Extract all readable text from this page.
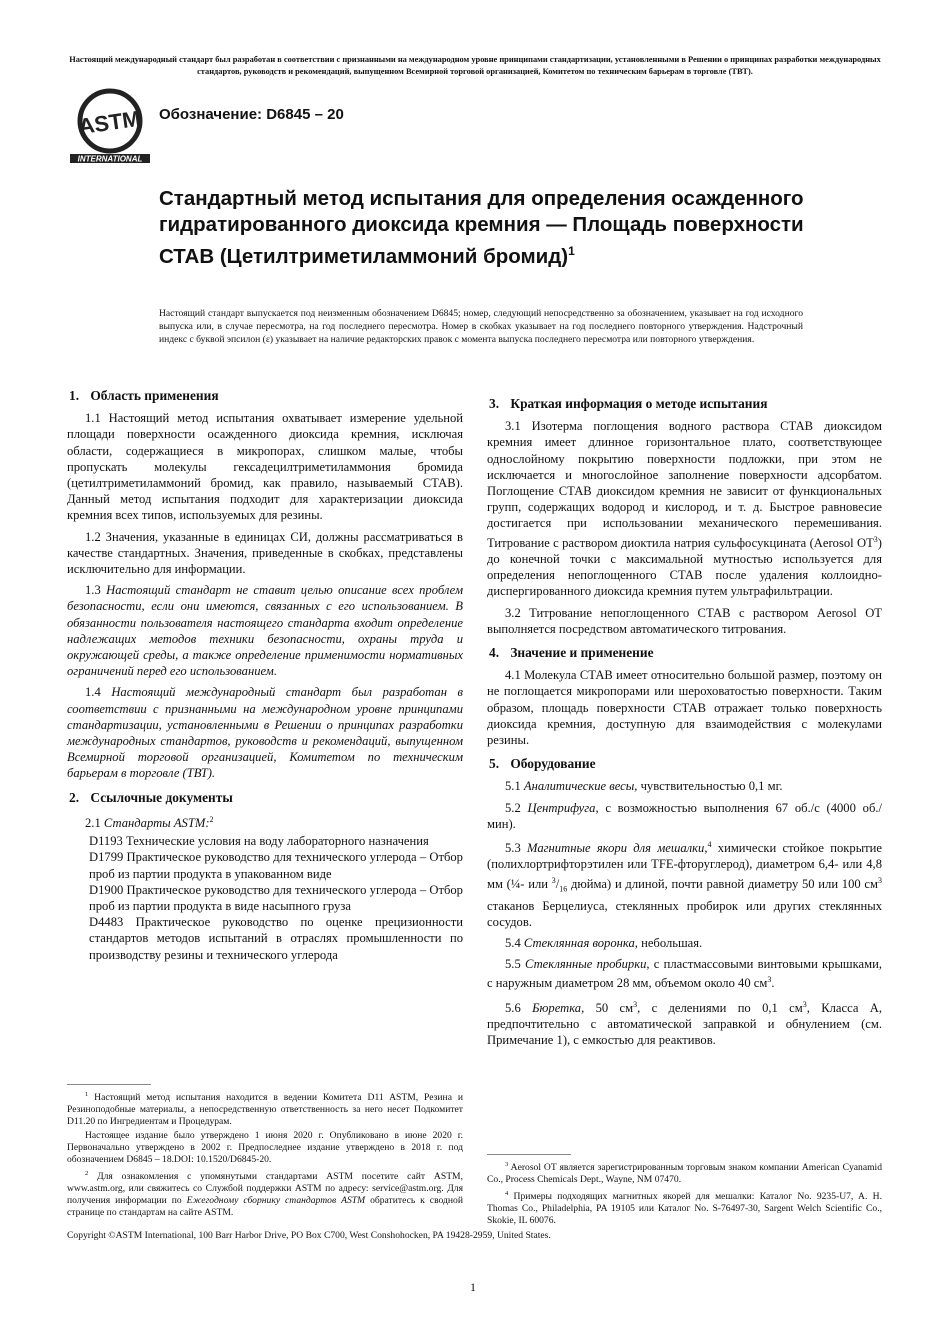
Настоящий международный стандарт был разработан в соответствии с признанными на международном уровне принципами стандартизации, установленными в Решении о принципах разработки международных стандартов, руководств и рекомендаций, выпущенном Всемирной торговой организацией, Комитетом по техническим барьерам в торговле (ТВТ).
ASTM
INTERNATIONAL
Обозначение: D6845 – 20
Стандартный метод испытания для определения осажденного гидратированного диоксида кремния — Площадь поверхности СТАВ (Цетилтриметиламмоний бромид)$^1$
Настоящий стандарт выпускается под неизменным обозначением D6845; номер, следующий непосредственно за обозначением, указывает на год исходного выпуска или, в случае пересмотра, на год последнего пересмотра. Номер в скобках указывает на год последнего повторного утверждения. Надстрочный индекс с буквой эпсилон (ε) указывает на наличие редакторских правок с момента выпуска последнего пересмотра или повторного утверждения.
1. Область применения

1.1 Настоящий метод испытания охватывает измерение удельной площади поверхности осажденного диоксида кремния, исключая области, содержащиеся в микропорах, слишком малые, чтобы пропускать молекулы гексадецилтриметиламмония бромида (цетилтриметиламмоний бромид, как правило, называемый СТАВ). Данный метод испытания подходит для характеризации диоксида кремния всех типов, используемых для резины.

1.2 Значения, указанные в единицах СИ, должны рассматриваться в качестве стандартных. Значения, приведенные в скобках, представлены исключительно для информации.

1.3 Настоящий стандарт не ставит целью описание всех проблем безопасности, если они имеются, связанных с его использованием. В обязанности пользователя настоящего стандарта входит определение надлежащих методов техники безопасности, охраны труда и окружающей среды, а также определение применимости нормативных ограничений перед его использованием.

1.4 Настоящий международный стандарт был разработан в соответствии с признанными на международном уровне принципами стандартизации, установленными в Решении о принципах разработки международных стандартов, руководств и рекомендаций, выпущенном Всемирной торговой организацией, Комитетом по техническим барьерам в торговле (ТВТ).

2. Ссылочные документы

2.1 Стандарты ASTM:$^2$

D1193 Технические условия на воду лабораторного назначения
D1799 Практическое руководство для технического углерода – Отбор проб из партии продукта в упакованном виде
D1900 Практическое руководство для технического углерода – Отбор проб из партии продукта в виде насыпного груза
D4483 Практическое руководство по оценке прецизионности стандартов методов испытаний в отраслях промышленности по производству резины и технического углерода

$^1$ Настоящий метод испытания находится в ведении Комитета D11 ASTM, Резина и Резиноподобные материалы, а непосредственную ответственность за него несет Подкомитет D11.20 по Ингредиентам и Процедурам.

Настоящее издание было утверждено 1 июня 2020 г. Опубликовано в июне 2020 г. Первоначально утверждено в 2002 г. Предпоследнее издание утверждено в 2018 г. под обозначением D6845 – 18.DOI: 10.1520/D6845-20.

$^2$ Для ознакомления с упомянутыми стандартами ASTM посетите сайт ASTM, www.astm.org, или свяжитесь со Службой поддержки ASTM по адресу: service@astm.org. Для получения информации по Ежегодному сборнику стандартов ASTM обратитесь к сводной странице по стандартам на сайте ASTM.

3. Краткая информация о методе испытания

3.1 Изотерма поглощения водного раствора СТАВ диоксидом кремния имеет длинное горизонтальное плато, соответствующее однослойному покрытию поверхности подложки, при этом не исключается и многослойное заполнение поверхности адсорбатом. Поглощение СТАВ диоксидом кремния не зависит от функциональных групп, содержащих водород и кислород, и т. д. Быстрое равновесие достигается при использовании механического перемешивания. Титрование с раствором диоктила натрия сульфосукцината (Aerosol $OT^3$) до конечной точки с максимальной мутностью используется для определения непоглощенного СТАВ после удаления коллоидно-диспергированного диоксида кремния путем ультрафильтрации.

3.2 Титрование непоглощенного СТАВ с раствором Aerosol OT выполняется посредством автоматического титрования.

4. Значение и применение

4.1 Молекула СТАВ имеет относительно большой размер, поэтому он не поглощается микропорами или шероховатостью поверхности. Таким образом, площадь поверхности СТАВ отражает только поверхность диоксида кремния, доступную для взаимодействия с молекулами резины.

5. Оборудование

5.1 Аналитические весы, чувствительностью 0,1 мг.

5.2 Центрифуга, с возможностью выполнения 67 об./с (4000 об./мин).

5.3 Магнитные якори для мешалки,$^4$ химически стойкое покрытие (полихлортрифторэтилен или TFE-фторуглерод), диаметром 6,4- или 4,8 мм (¼- или $^3/_{16}$ дюйма) и длиной, почти равной диаметру 50 или 100 $см^3$ стаканов Берцелиуса, стеклянных пробирок или других стеклянных сосудов.

5.4 Стеклянная воронка, небольшая.

5.5 Стеклянные пробирки, с пластмассовыми винтовыми крышками, с наружным диаметром 28 мм, объемом около 40 $см^3$.

5.6 Бюретка, 50 $см^3$, с делениями по 0,1 $см^3$, Класса А, предпочтительно с автоматической заправкой и обнулением (см. Примечание 1), с емкостью для реактивов.

$^3$ Aerosol OT является зарегистрированным торговым знаком компании American Cyanamid Co., Process Chemicals Dept., Wayne, NM 07470.

$^4$ Примеры подходящих магнитных якорей для мешалки: Каталог No. 9235-U7, A. H. Thomas Co., Philadelphia, PA 19105 или Каталог No. S-76497-30, Sargent Welch Scientific Co., Skokie, IL 60076.

Copyright ©ASTM International, 100 Barr Harbor Drive, PO Box C700, West Conshohocken, PA 19428-2959, United States.
1
